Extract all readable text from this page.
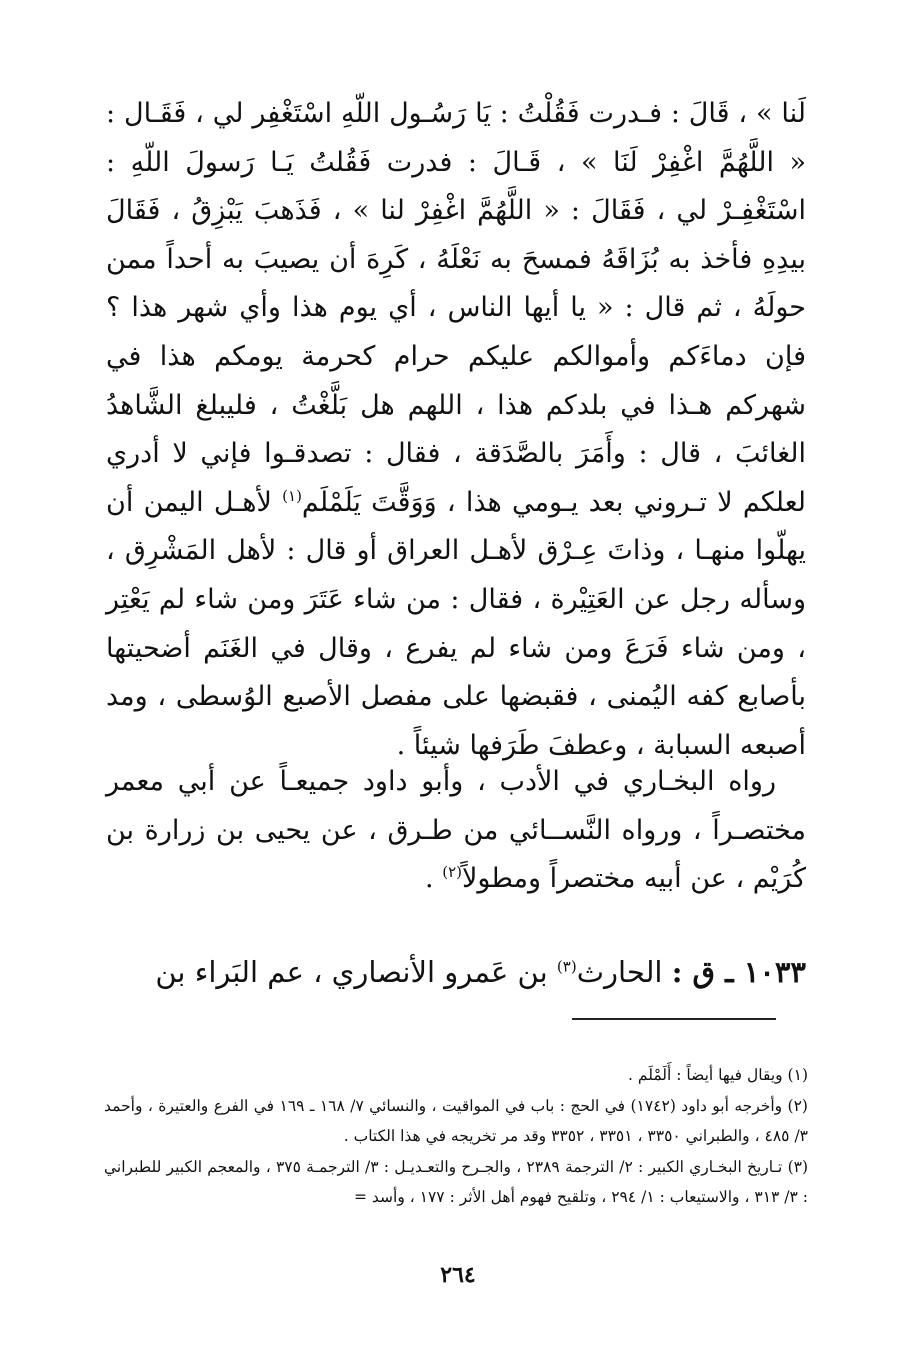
لَنا » ، قَالَ : فـدرت فَقُلْتُ : يَا رَسُـول اللّهِ اسْتَغْفِر لي ، فَقَـال : « اللَّهُمَّ اغْفِرْ لَنَا » ، قَـالَ : فدرت فَقُلتُ يَـا رَسولَ اللّهِ : اسْتَغْفِـرْ لي ، فَقَالَ : « اللَّهُمَّ اغْفِرْ لنا » ، فَذَهبَ يَبْزِقُ ، فَقَالَ بيدِهِ فأخذ به بُزَاقَهُ فمسحَ به نَعْلَهُ ، كَرِهَ أن يصيبَ به أحداً ممن حولَهُ ، ثم قال : « يا أيها الناس ، أي يوم هذا وأي شهر هذا ؟ فإن دماءَكم وأموالكم عليكم حرام كحرمة يومكم هذا في شهركم هـذا في بلدكم هذا ، اللهم هل بَلَّغْتُ ، فليبلغ الشَّاهدُ الغائبَ ، قال : وأَمَرَ بالصَّدَقة ، فقال : تصدقـوا فإني لا أدري لعلكم لا تـروني بعد يـومي هذا ، وَوَقَّتَ يَلَمْلَم$^{(١)}$ لأهـل اليمن أن يهلّوا منهـا ، وذاتَ عِـرْق لأهـل العراق أو قال : لأهل المَشْرِق ، وسأله رجل عن العَتِيْرة ، فقال : من شاء عَتَرَ ومن شاء لم يَعْتِر ، ومن شاء فَرَعَ ومن شاء لم يفرع ، وقال في الغَنَم أضحيتها بأصابع كفه اليُمنى ، فقبضها على مفصل الأصبع الوُسطى ، ومد أصبعه السبابة ، وعطفَ طَرَفها شيئاً .

رواه البخـاري في الأدب ، وأبو داود جميعـاً عن أبي معمر مختصـراً ، ورواه النَّســائي من طـرق ، عن يحيى بن زرارة بن كُرَيْم ، عن أبيه مختصراً ومطولاً$^{(٢)}$ .

١٠٣٣ ـ ق : الحارث$^{(٣)}$ بن عَمرو الأنصاري ، عم البَراء بن

(١) ويقال فيها أيضاً : أَلَمْلَم .

(٢) وأخرجه أبو داود (١٧٤٢) في الحج : باب في المواقيت ، والنسائي ٧/ ١٦٨ ـ ١٦٩ في الفرع والعتيرة ، وأحمد ٣/ ٤٨٥ ، والطبراني ٣٣٥٠ ، ٣٣٥١ ، ٣٣٥٢ وقد مر تخريجه في هذا الكتاب .

(٣) تـاريخ البخـاري الكبير : ٢/ الترجمة ٢٣٨٩ ، والجـرح والتعـديـل : ٣/ الترجمـة ٣٧٥ ، والمعجم الكبير للطبراني : ٣/ ٣١٣ ، والاستيعاب : ١/ ٢٩٤ ، وتلقيح فهوم أهل الأثر : ١٧٧ ، وأسد =

٢٦٤
